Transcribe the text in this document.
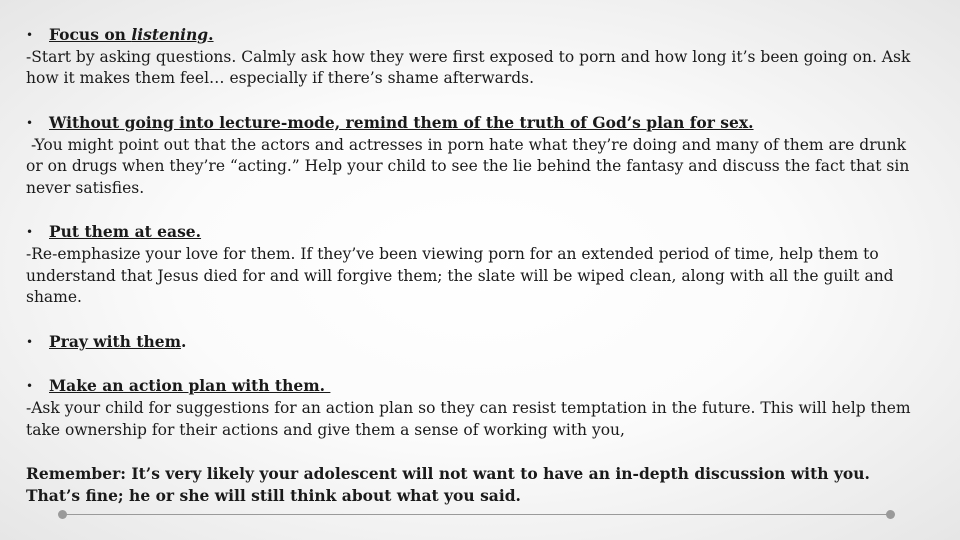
• Focus on listening.
-Start by asking questions. Calmly ask how they were first exposed to porn and how long it’s been going on. Ask how it makes them feel… especially if there’s shame afterwards.
• Without going into lecture-mode, remind them of the truth of God’s plan for sex.
-You might point out that the actors and actresses in porn hate what they’re doing and many of them are drunk or on drugs when they’re “acting.” Help your child to see the lie behind the fantasy and discuss the fact that sin never satisfies.
• Put them at ease.
-Re-emphasize your love for them. If they’ve been viewing porn for an extended period of time, help them to understand that Jesus died for and will forgive them; the slate will be wiped clean, along with all the guilt and shame.
• Pray with them.
• Make an action plan with them.
-Ask your child for suggestions for an action plan so they can resist temptation in the future. This will help them take ownership for their actions and give them a sense of working with you,
Remember: It’s very likely your adolescent will not want to have an in-depth discussion with you. That’s fine; he or she will still think about what you said.
